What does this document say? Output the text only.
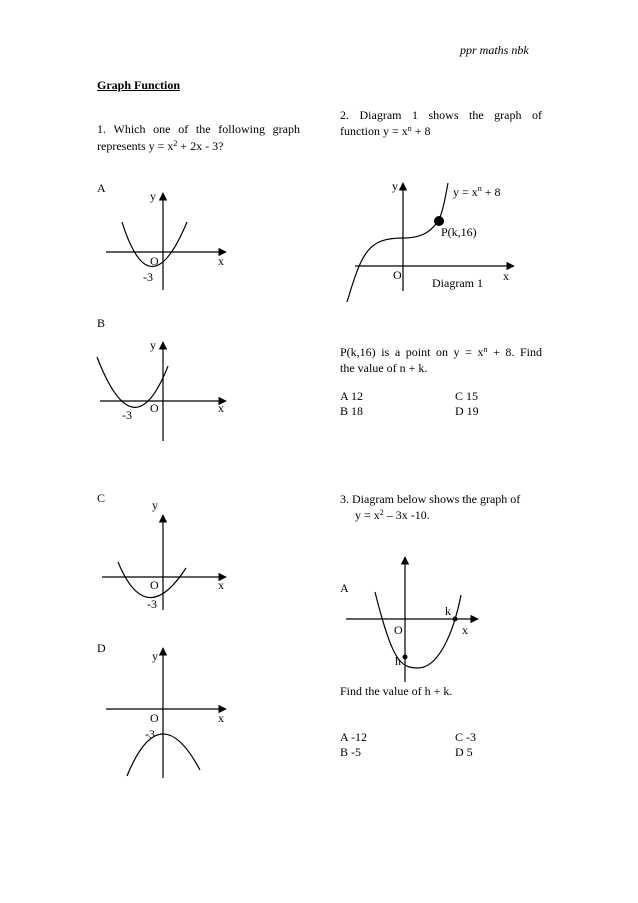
ppr maths nbk
Graph Function
1. Which one of the following graph
represents $y = x^2 + 2x - 3$?
A
B
C
D
2. Diagram 1 shows the graph of
function $y = x^n + 8$
P(k,16) is a point on $y = x^n + 8$. Find
the value of n + k.
A 12	C 15
B 18	D 19
3. Diagram below shows the graph of
$y = x^2 - 3x$ -10.
A
Find the value of h + k.
A -12	C -3
B -5	D 5
y
x
O
-3
y
x
O
-3
y
x
O
-3
y
x
O
-3
y
x
O
$y = x^n + 8$
P(k,16)
Diagram 1
k
h
x
O
